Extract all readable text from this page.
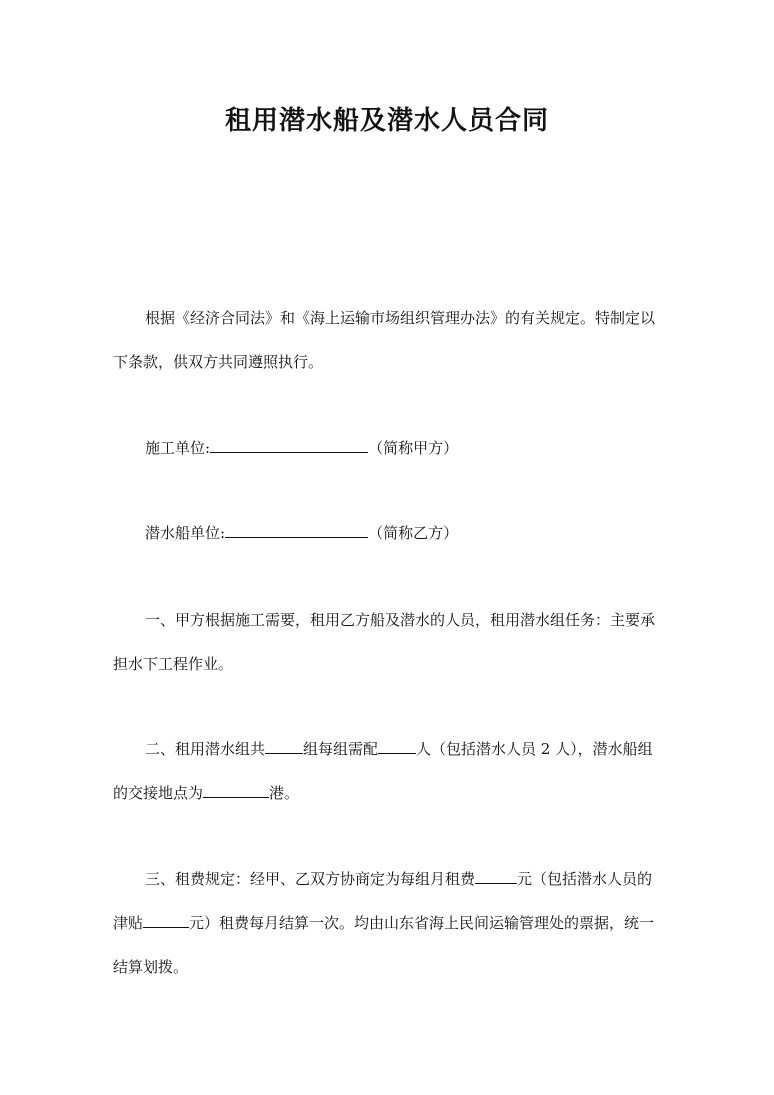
租用潜水船及潜水人员合同
根据《经济合同法》和《海上运输市场组织管理办法》的有关规定。特制定以
下条款，供双方共同遵照执行。
施工单位:	（简称甲方）
潜水船单位:	（简称乙方）
一、甲方根据施工需要，租用乙方船及潜水的人员，租用潜水组任务：主要承
担水下工程作业。
二、租用潜水组共	组每组需配	人（包括潜水人员 2 人），潜水船组
的交接地点为	港。
三、租费规定：经甲、乙双方协商定为每组月租费	元（包括潜水人员的
津贴	元）租费每月结算一次。均由山东省海上民间运输管理处的票据，统一
结算划拨。
